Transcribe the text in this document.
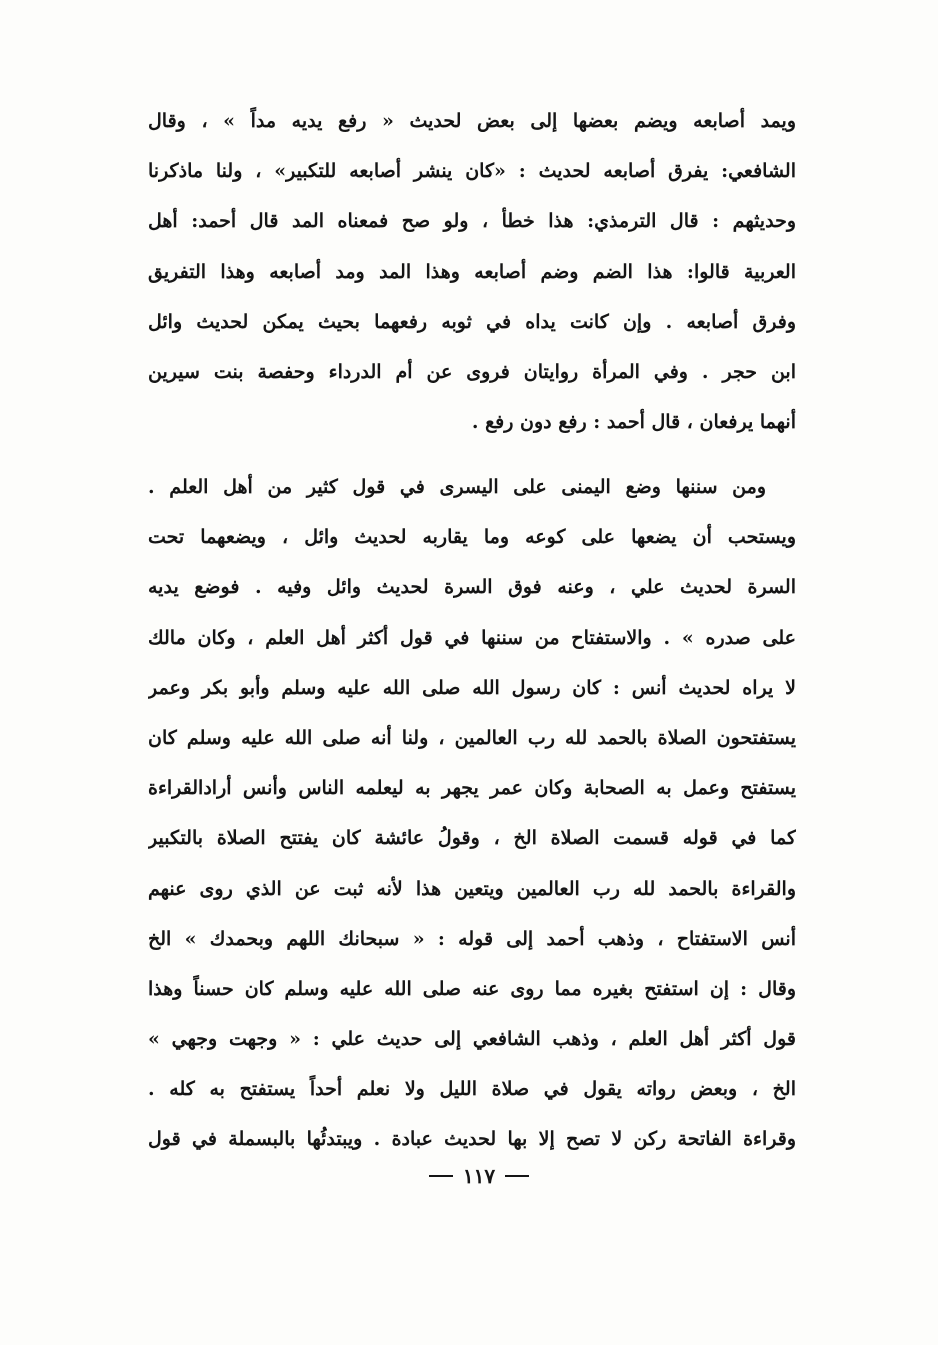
ويمد أصابعه ويضم بعضها إلى بعض لحديث « رفع يديه مداً » ، وقال
الشافعي: يفرق أصابعه لحديث : «كان ينشر أصابعه للتكبير» ، ولنا ماذكرنا
وحديثهم : قال الترمذي: هذا خطأ ، ولو صح فمعناه المد قال أحمد: أهل
العربية قالوا: هذا الضم وضم أصابعه وهذا المد ومد أصابعه وهذا التفريق
وفرق أصابعه . وإن كانت يداه في ثوبه رفعهما بحيث يمكن لحديث وائل
ابن حجر . وفي المرأة روايتان فروى عن أم الدرداء وحفصة بنت سيرين
أنهما يرفعان ، قال أحمد : رفع دون رفع .
ومن سننها وضع اليمنى على اليسرى في قول كثير من أهل العلم .
ويستحب أن يضعها على كوعه وما يقاربه لحديث وائل ، ويضعهما تحت
السرة لحديث علي ، وعنه فوق السرة لحديث وائل وفيه . فوضع يديه
على صدره » . والاستفتاح من سننها في قول أكثر أهل العلم ، وكان مالك
لا يراه لحديث أنس : كان رسول الله صلى الله عليه وسلم وأبو بكر وعمر
يستفتحون الصلاة بالحمد لله رب العالمين ، ولنا أنه صلى الله عليه وسلم كان
يستفتح وعمل به الصحابة وكان عمر يجهر به ليعلمه الناس وأنس أرادالقراءة
كما في قوله قسمت الصلاة الخ ، وقولُ عائشة كان يفتتح الصلاة بالتكبير
والقراءة بالحمد لله رب العالمين ويتعين هذا لأنه ثبت عن الذي روى عنهم
أنس الاستفتاح ، وذهب أحمد إلى قوله : « سبحانك اللهم وبحمدك » الخ
وقال : إن استفتح بغيره مما روى عنه صلى الله عليه وسلم كان حسناً وهذا
قول أكثر أهل العلم ، وذهب الشافعي إلى حديث علي : « وجهت وجهي »
الخ ، وبعض رواته يقول في صلاة الليل ولا نعلم أحداً يستفتح به كله .
وقراءة الفاتحة ركن لا تصح إلا بها لحديث عبادة . ويبتدئُها بالبسملة في قول
١١٧
